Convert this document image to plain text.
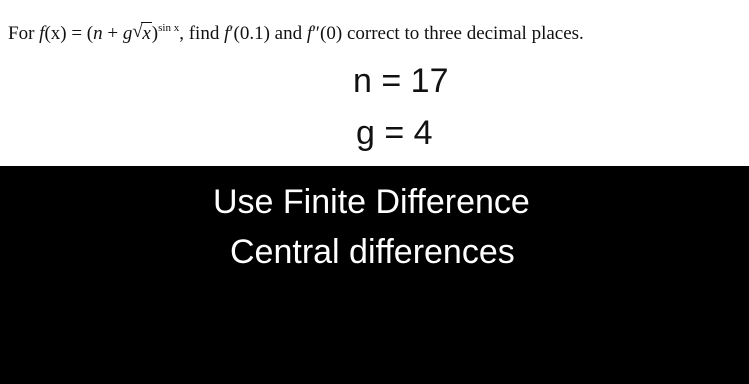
For f(x) = (n + g √ x)$^{sin x}$, find f′(0.1) and f″(0) correct to three decimal places.
n = 17
g = 4
Use Finite Difference
Central differences
